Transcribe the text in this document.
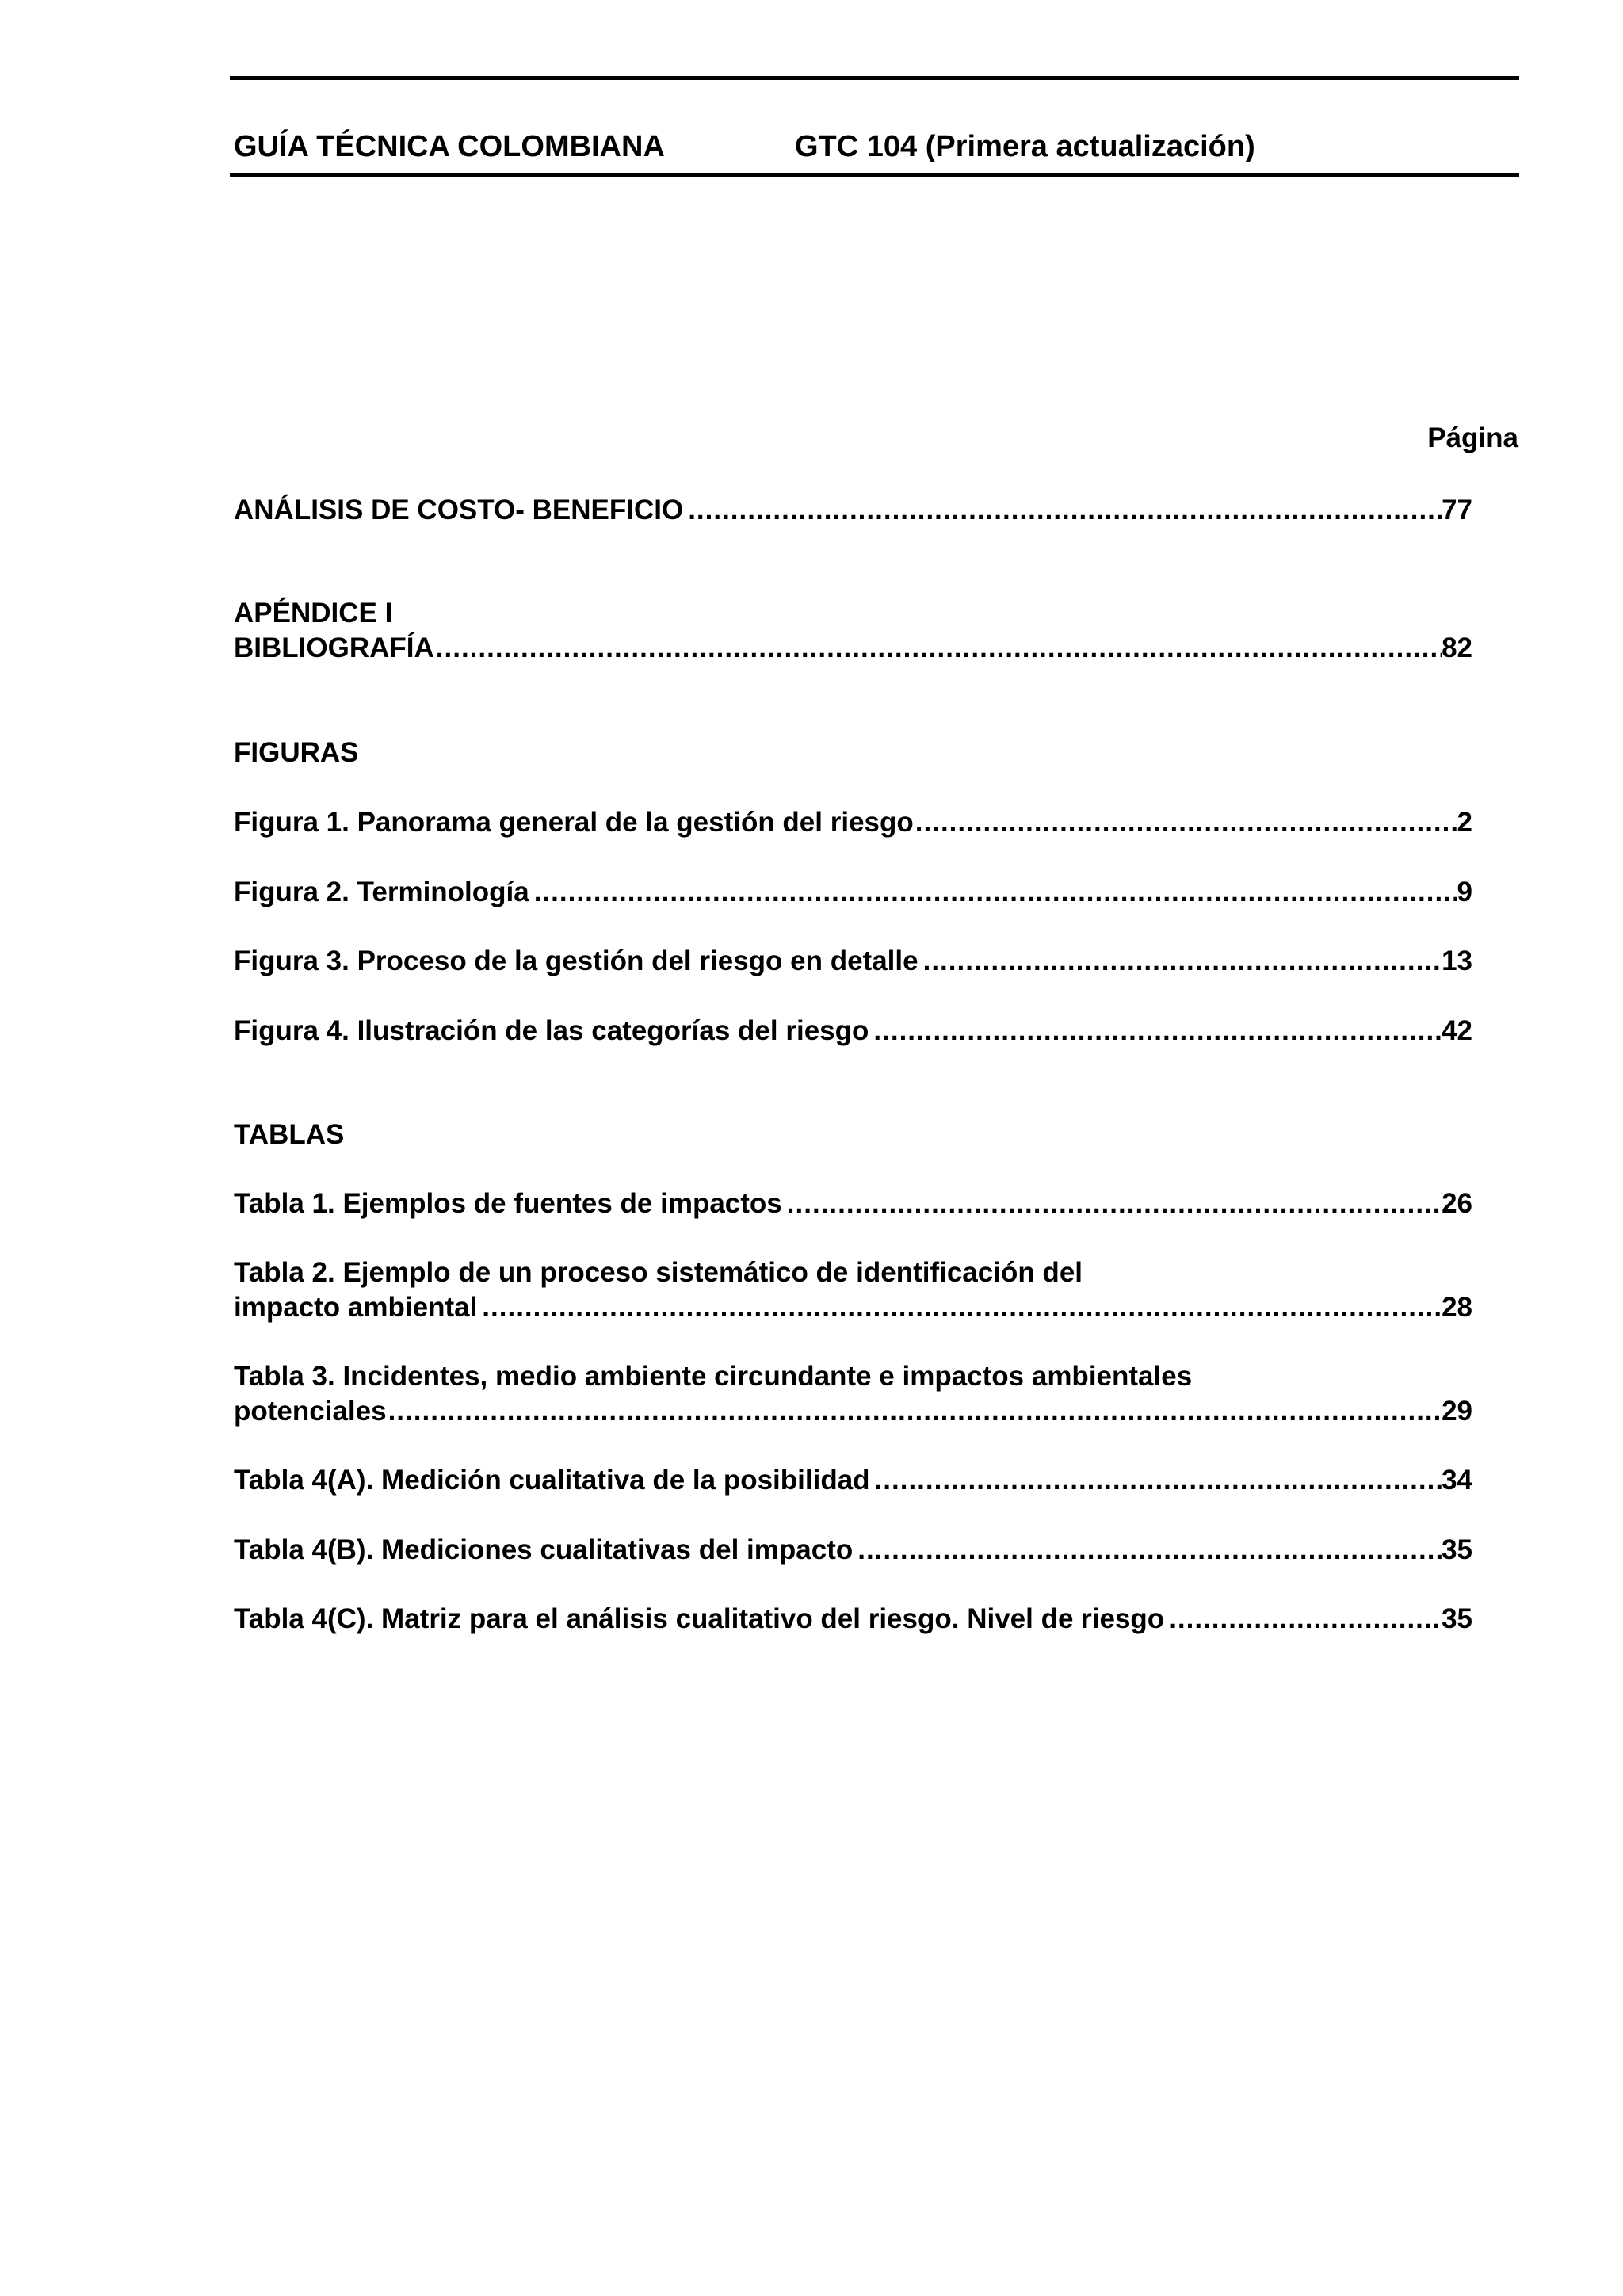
GUÍA TÉCNICA COLOMBIANA	GTC 104 (Primera actualización)
Página
ANÁLISIS DE COSTO- BENEFICIO .....	77
APÉNDICE I
BIBLIOGRAFÍA .....	82
FIGURAS
Figura 1. Panorama general de la gestión del riesgo .....	2
Figura 2. Terminología .....	9
Figura 3. Proceso de la gestión del riesgo en detalle .....	13
Figura 4. Ilustración de las categorías del riesgo .....	42
TABLAS
Tabla 1. Ejemplos de fuentes de impactos .....	26
Tabla 2. Ejemplo de un proceso sistemático de identificación del
impacto ambiental .....	28
Tabla 3. Incidentes, medio ambiente circundante e impactos ambientales
potenciales .....	29
Tabla 4(A). Medición cualitativa de la posibilidad .....	34
Tabla 4(B). Mediciones cualitativas del impacto .....	35
Tabla 4(C). Matriz para el análisis cualitativo del riesgo. Nivel de riesgo .....	35
